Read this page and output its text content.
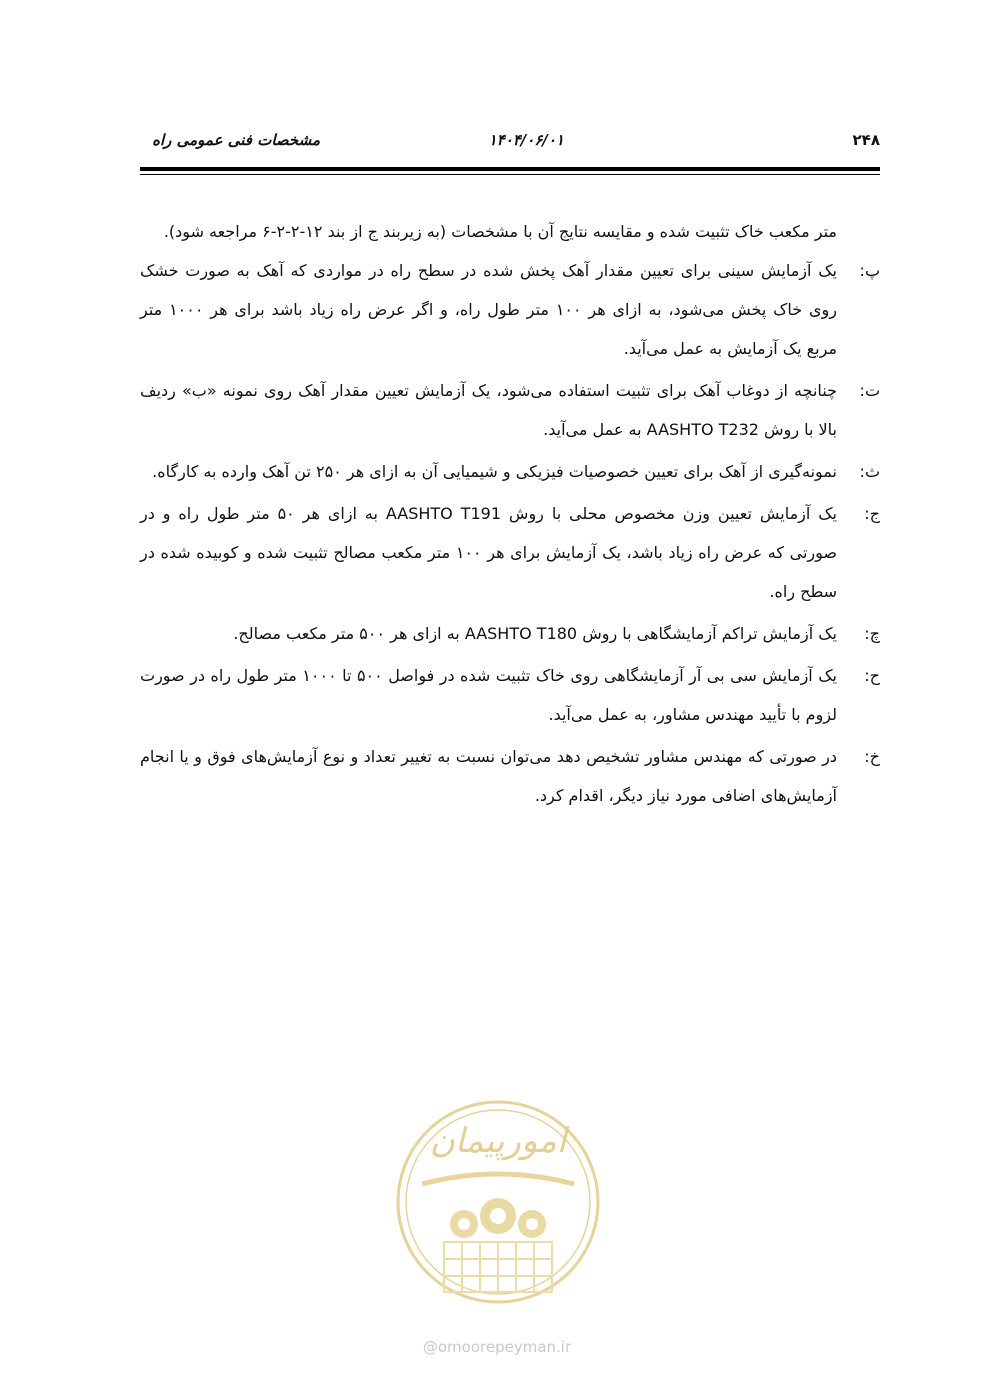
۲۴۸
۱۴۰۴/۰۶/۰۱
مشخصات فنی عمومی راه

متر مکعب خاک تثبیت شده و مقایسه نتایج آن با مشخصات (به زیربند ج از بند ۱۲-۲-۲-۶ مراجعه شود).

پ:
یک آزمایش سینی برای تعیین مقدار آهک پخش شده در سطح راه در مواردی که آهک به صورت خشک روی خاک پخش می‌شود، به ازای هر ۱۰۰ متر طول راه، و اگر عرض راه زیاد باشد برای هر ۱۰۰۰ متر مربع یک آزمایش به عمل می‌آید.
ت:
چنانچه از دوغاب آهک برای تثبیت استفاده می‌شود، یک آزمایش تعیین مقدار آهک روی نمونه «ب» ردیف بالا با روش AASHTO T232 به عمل می‌آید.
ث:
نمونه‌گیری از آهک برای تعیین خصوصیات فیزیکی و شیمیایی آن به ازای هر ۲۵۰ تن آهک وارده به کارگاه.
ج:
یک آزمایش تعیین وزن مخصوص محلی با روش AASHTO T191 به ازای هر ۵۰ متر طول راه و در صورتی که عرض راه زیاد باشد، یک آزمایش برای هر ۱۰۰ متر مکعب مصالح تثبیت شده و کوبیده شده در سطح راه.
چ:
یک آزمایش تراکم آزمایشگاهی با روش AASHTO T180 به ازای هر ۵۰۰ متر مکعب مصالح.
ح:
یک آزمایش سی بی آر آزمایشگاهی روی خاک تثبیت شده در فواصل ۵۰۰ تا ۱۰۰۰ متر طول راه در صورت لزوم با تأیید مهندس مشاور، به عمل می‌آید.
خ:
در صورتی که مهندس مشاور تشخیص دهد می‌توان نسبت به تغییر تعداد و نوع آزمایش‌های فوق و یا انجام آزمایش‌های اضافی مورد نیاز دیگر، اقدام کرد.
امورپیمان
@omoorepeyman.ir
